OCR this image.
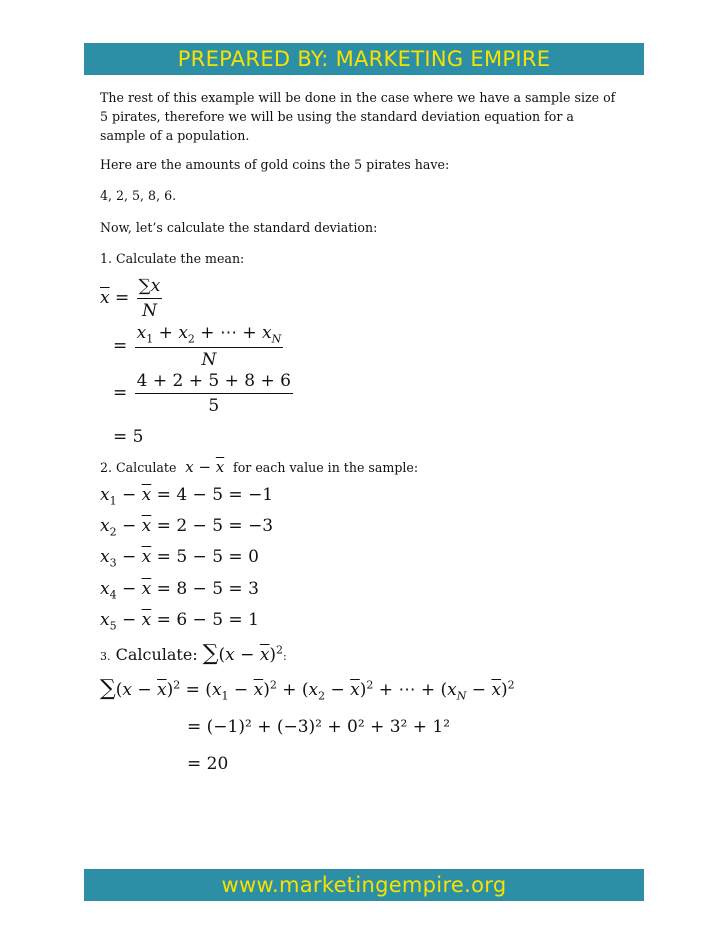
PREPARED BY: MARKETING EMPIRE

The rest of this example will be done in the case where we have a sample size of 5 pirates, therefore we will be using the standard deviation equation for a sample of a population.

Here are the amounts of gold coins the 5 pirates have:

4, 2, 5, 8, 6.

Now, let’s calculate the standard deviation:

1. Calculate the mean:

$\overline{x} = \frac{\sum x}{N}$
= $\frac{x_1 + x_2 + \cdots + x_N}{N}$
= $\frac{4 + 2 + 5 + 8 + 6}{5}$
= 5

2. Calculate $x - \overline{x}$ for each value in the sample:

$x_1 - \overline{x} = 4 - 5 = -1$
$x_2 - \overline{x} = 2 - 5 = -3$
$x_3 - \overline{x} = 5 - 5 = 0$
$x_4 - \overline{x} = 8 - 5 = 3$
$x_5 - \overline{x} = 6 - 5 = 1$
3. Calculate: $\sum(x - \overline{x})^2$:
$\sum(x - \overline{x})^2 = (x_1 - \overline{x})^2 + (x_2 - \overline{x})^2$ + ⋯ + $(x_N - \overline{x})^2$
= (−1)² + (−3)² + 0² + 3² + 1²
= 20
www.marketingempire.org
